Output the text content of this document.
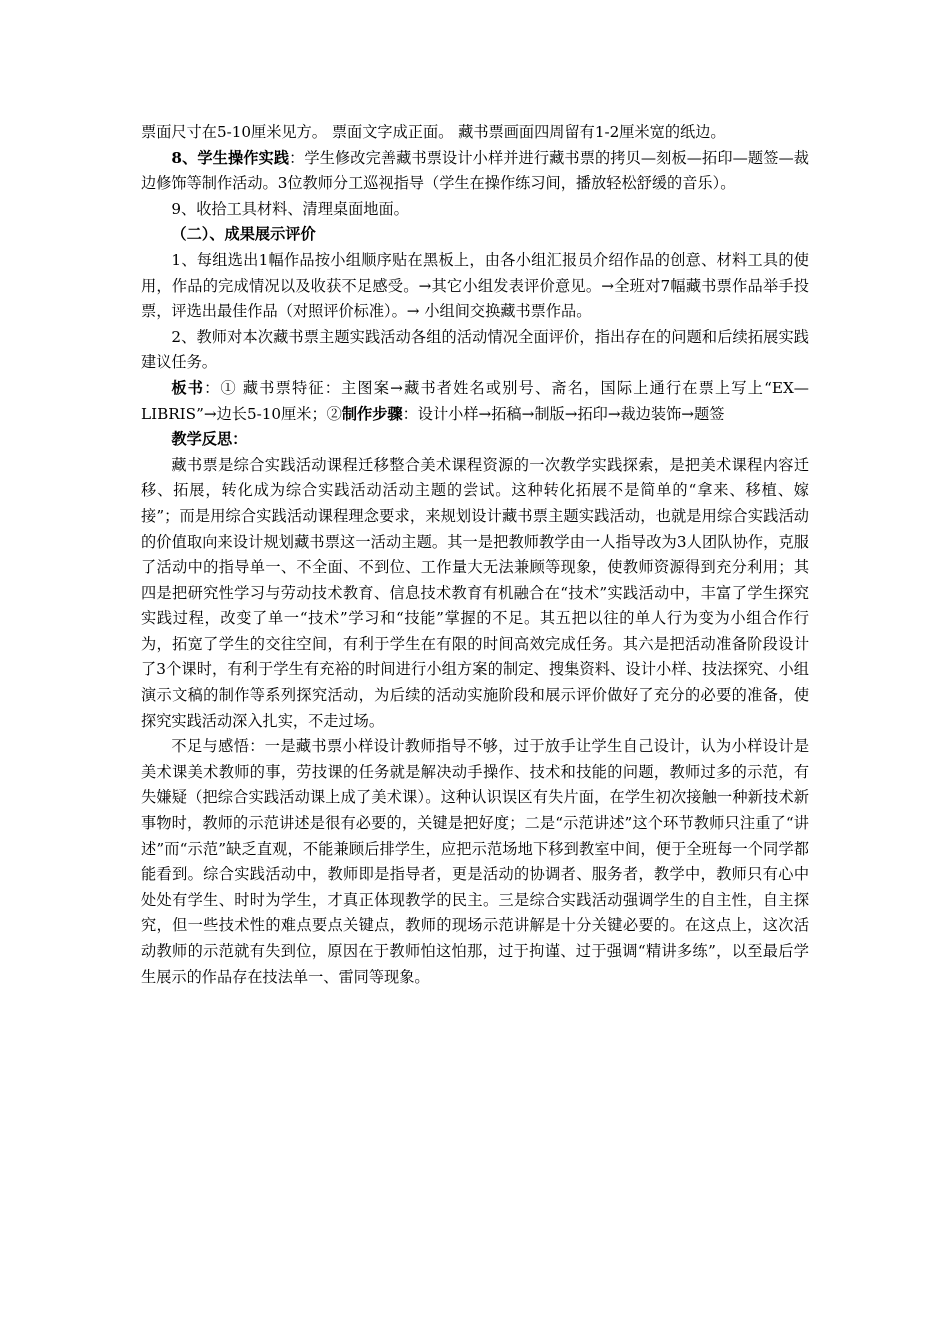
票面尺寸在5-10厘米见方。 票面文字成正面。 藏书票画面四周留有1-2厘米宽的纸边。

8、学生操作实践：学生修改完善藏书票设计小样并进行藏书票的拷贝—刻板—拓印—题签—裁边修饰等制作活动。3位教师分工巡视指导（学生在操作练习间，播放轻松舒缓的音乐）。

9、收拾工具材料、清理桌面地面。

（二）、成果展示评价

1、每组选出1幅作品按小组顺序贴在黑板上，由各小组汇报员介绍作品的创意、材料工具的使用，作品的完成情况以及收获不足感受。→其它小组发表评价意见。→全班对7幅藏书票作品举手投票，评选出最佳作品（对照评价标准）。→ 小组间交换藏书票作品。

2、教师对本次藏书票主题实践活动各组的活动情况全面评价，指出存在的问题和后续拓展实践建议任务。

板书：① 藏书票特征：主图案→藏书者姓名或别号、斋名，国际上通行在票上写上“EX—LIBRIS”→边长5-10厘米；②制作步骤：设计小样→拓稿→制版→拓印→裁边装饰→题签

教学反思：

藏书票是综合实践活动课程迁移整合美术课程资源的一次教学实践探索，是把美术课程内容迁移、拓展，转化成为综合实践活动活动主题的尝试。这种转化拓展不是简单的“拿来、移植、嫁接”；而是用综合实践活动课程理念要求，来规划设计藏书票主题实践活动，也就是用综合实践活动的价值取向来设计规划藏书票这一活动主题。其一是把教师教学由一人指导改为3人团队协作，克服了活动中的指导单一、不全面、不到位、工作量大无法兼顾等现象，使教师资源得到充分利用；其四是把研究性学习与劳动技术教育、信息技术教育有机融合在“技术”实践活动中，丰富了学生探究实践过程，改变了单一“技术”学习和“技能”掌握的不足。其五把以往的单人行为变为小组合作行为，拓宽了学生的交往空间，有利于学生在有限的时间高效完成任务。其六是把活动准备阶段设计了3个课时，有利于学生有充裕的时间进行小组方案的制定、搜集资料、设计小样、技法探究、小组演示文稿的制作等系列探究活动，为后续的活动实施阶段和展示评价做好了充分的必要的准备，使探究实践活动深入扎实，不走过场。

不足与感悟：一是藏书票小样设计教师指导不够，过于放手让学生自己设计，认为小样设计是美术课美术教师的事，劳技课的任务就是解决动手操作、技术和技能的问题，教师过多的示范，有失嫌疑（把综合实践活动课上成了美术课）。这种认识误区有失片面，在学生初次接触一种新技术新事物时，教师的示范讲述是很有必要的，关键是把好度；二是“示范讲述”这个环节教师只注重了“讲述”而“示范”缺乏直观，不能兼顾后排学生，应把示范场地下移到教室中间，便于全班每一个同学都能看到。综合实践活动中，教师即是指导者，更是活动的协调者、服务者，教学中，教师只有心中处处有学生、时时为学生，才真正体现教学的民主。三是综合实践活动强调学生的自主性，自主探究，但一些技术性的难点要点关键点，教师的现场示范讲解是十分关键必要的。在这点上，这次活动教师的示范就有失到位，原因在于教师怕这怕那，过于拘谨、过于强调“精讲多练”，以至最后学生展示的作品存在技法单一、雷同等现象。
